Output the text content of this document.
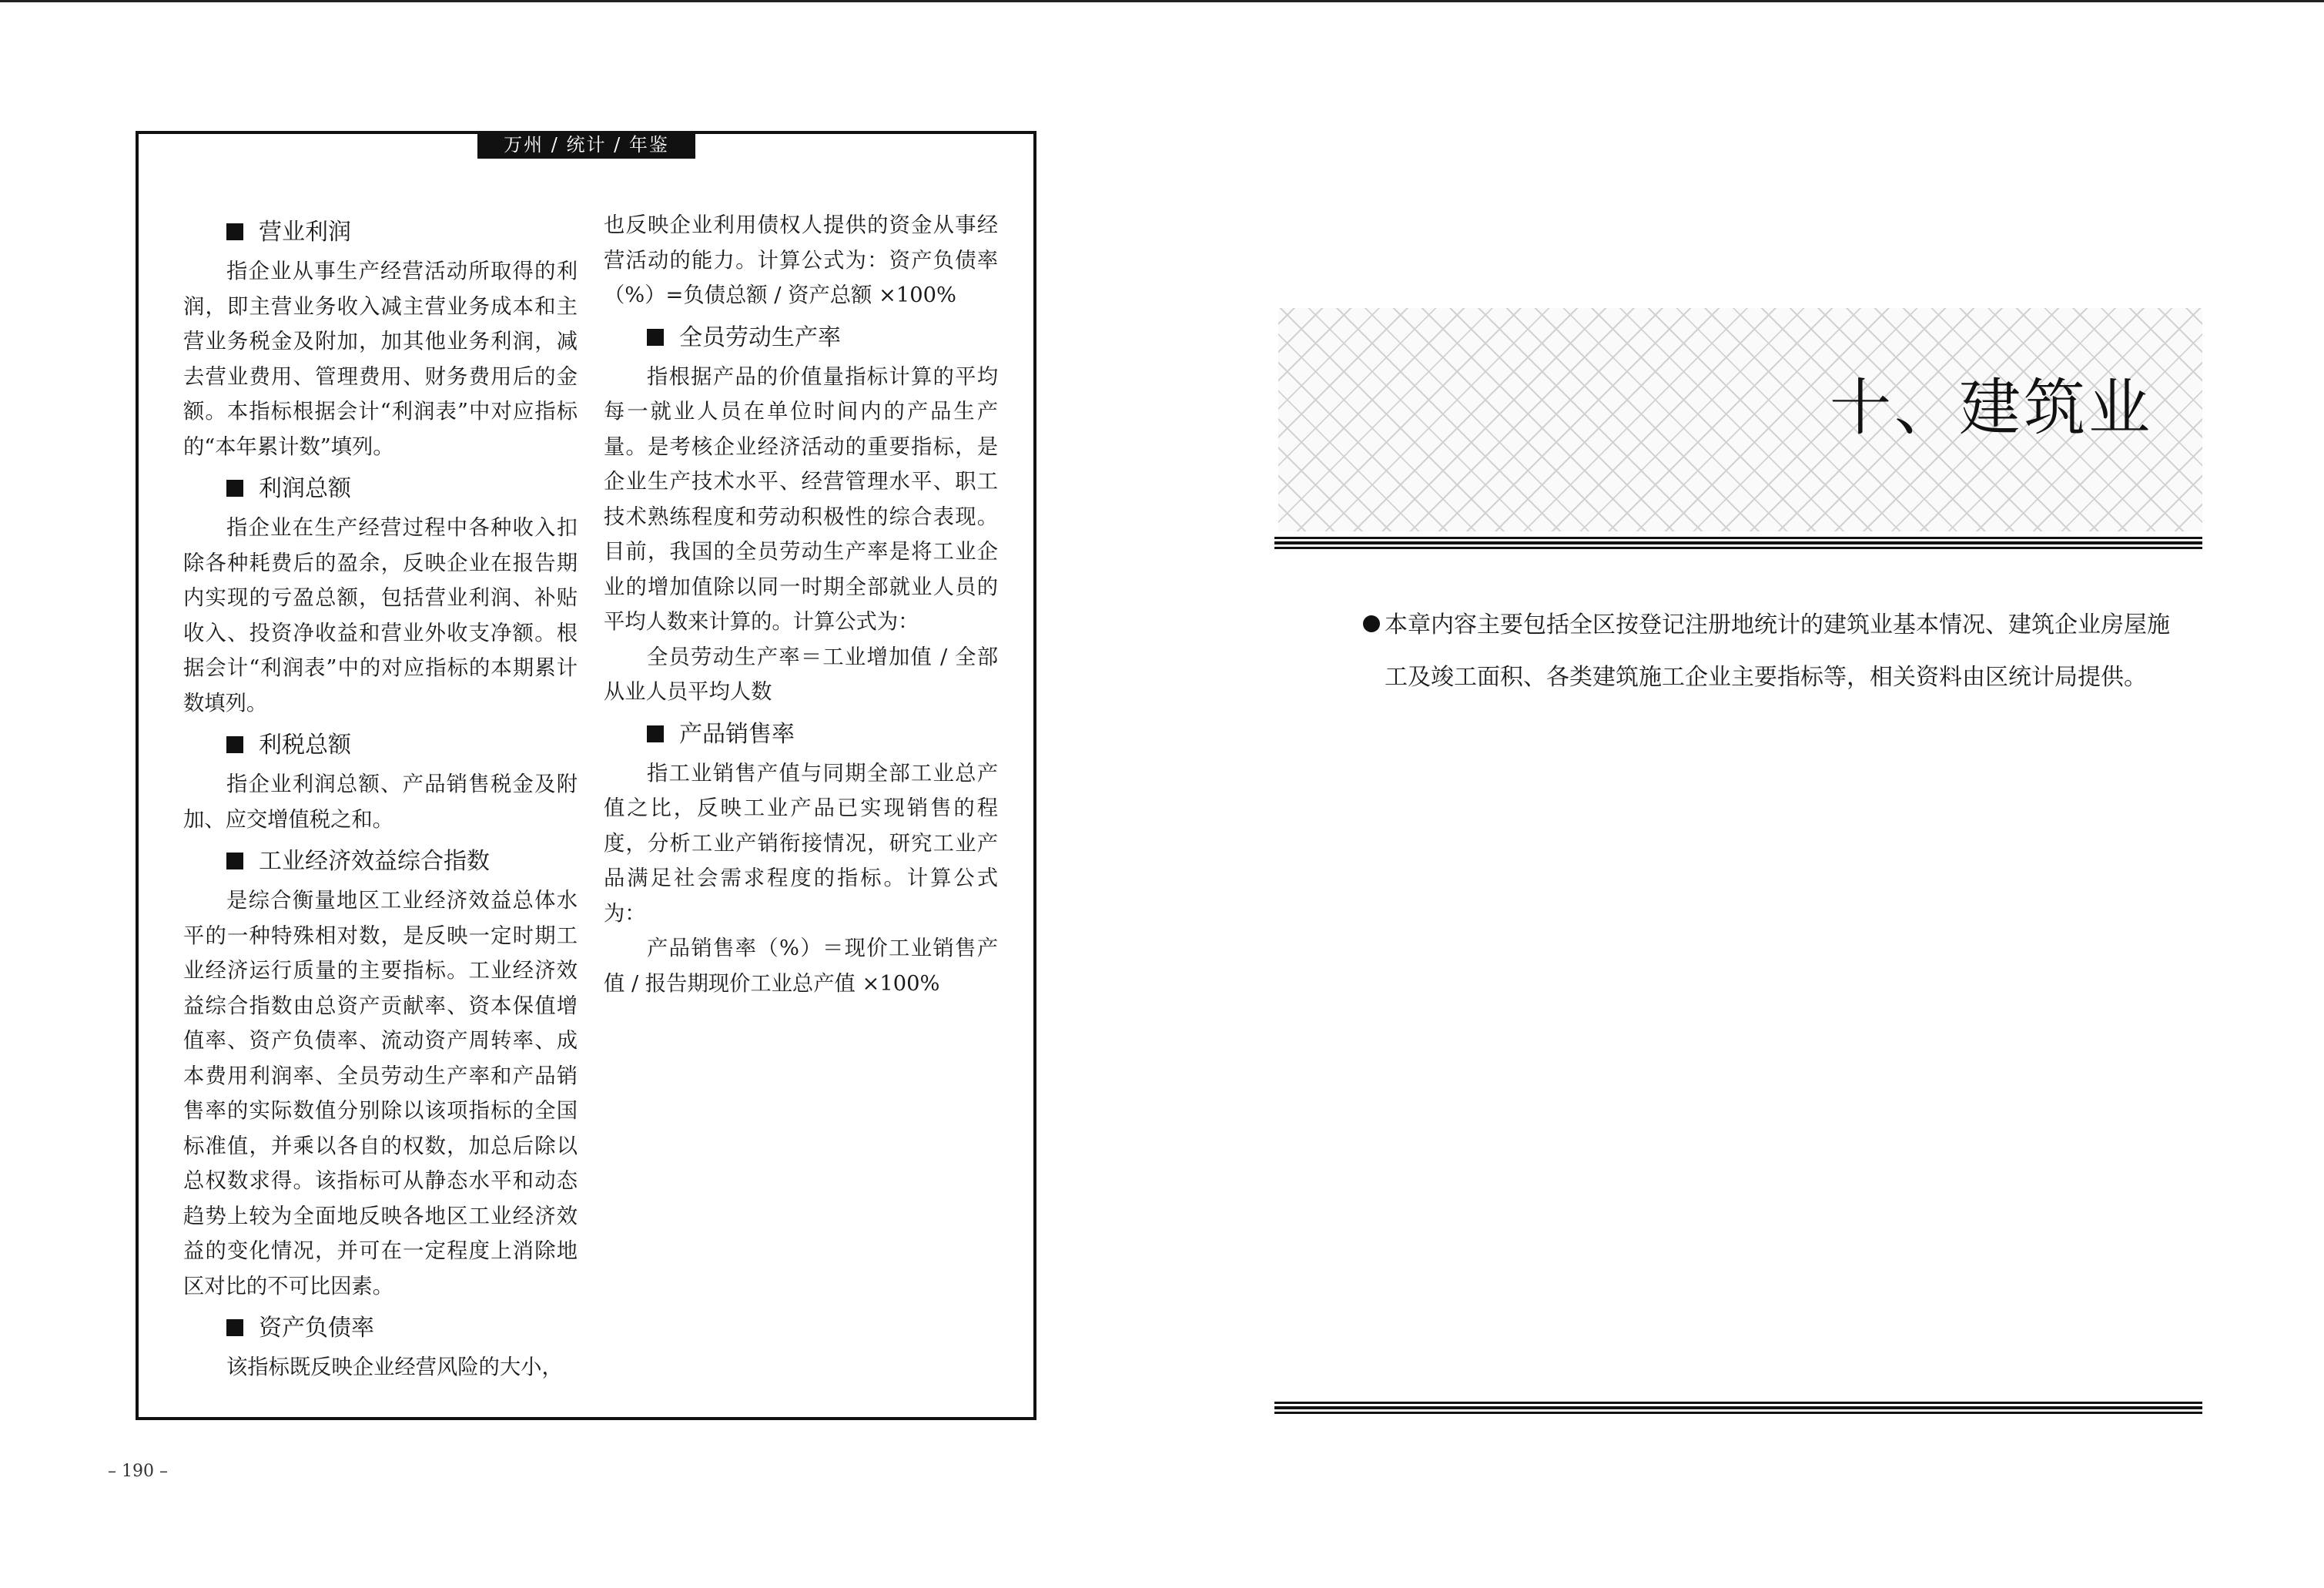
万州 / 统计 / 年鉴
营业利润

指企业从事生产经营活动所取得的利润，即主营业务收入减主营业务成本和主营业务税金及附加，加其他业务利润，减去营业费用、管理费用、财务费用后的金额。本指标根据会计“利润表”中对应指标的“本年累计数”填列。

利润总额

指企业在生产经营过程中各种收入扣除各种耗费后的盈余，反映企业在报告期内实现的亏盈总额，包括营业利润、补贴收入、投资净收益和营业外收支净额。根据会计“利润表”中的对应指标的本期累计数填列。

利税总额

指企业利润总额、产品销售税金及附加、应交增值税之和。

工业经济效益综合指数

是综合衡量地区工业经济效益总体水平的一种特殊相对数，是反映一定时期工业经济运行质量的主要指标。工业经济效益综合指数由总资产贡献率、资本保值增值率、资产负债率、流动资产周转率、成本费用利润率、全员劳动生产率和产品销售率的实际数值分别除以该项指标的全国标准值，并乘以各自的权数，加总后除以总权数求得。该指标可从静态水平和动态趋势上较为全面地反映各地区工业经济效益的变化情况，并可在一定程度上消除地区对比的不可比因素。

资产负债率

该指标既反映企业经营风险的大小，

也反映企业利用债权人提供的资金从事经营活动的能力。计算公式为：资产负债率（%）=负债总额 / 资产总额 ×100%

全员劳动生产率

指根据产品的价值量指标计算的平均每一就业人员在单位时间内的产品生产量。是考核企业经济活动的重要指标，是企业生产技术水平、经营管理水平、职工技术熟练程度和劳动积极性的综合表现。目前，我国的全员劳动生产率是将工业企业的增加值除以同一时期全部就业人员的平均人数来计算的。计算公式为：

全员劳动生产率＝工业增加值 / 全部从业人员平均人数

产品销售率

指工业销售产值与同期全部工业总产值之比，反映工业产品已实现销售的程度，分析工业产销衔接情况，研究工业产品满足社会需求程度的指标。计算公式为：

产品销售率（%）＝现价工业销售产值 / 报告期现价工业总产值 ×100%

– 190 –
十、建筑业
本章内容主要包括全区按登记注册地统计的建筑业基本情况、建筑企业房屋施工及竣工面积、各类建筑施工企业主要指标等，相关资料由区统计局提供。
